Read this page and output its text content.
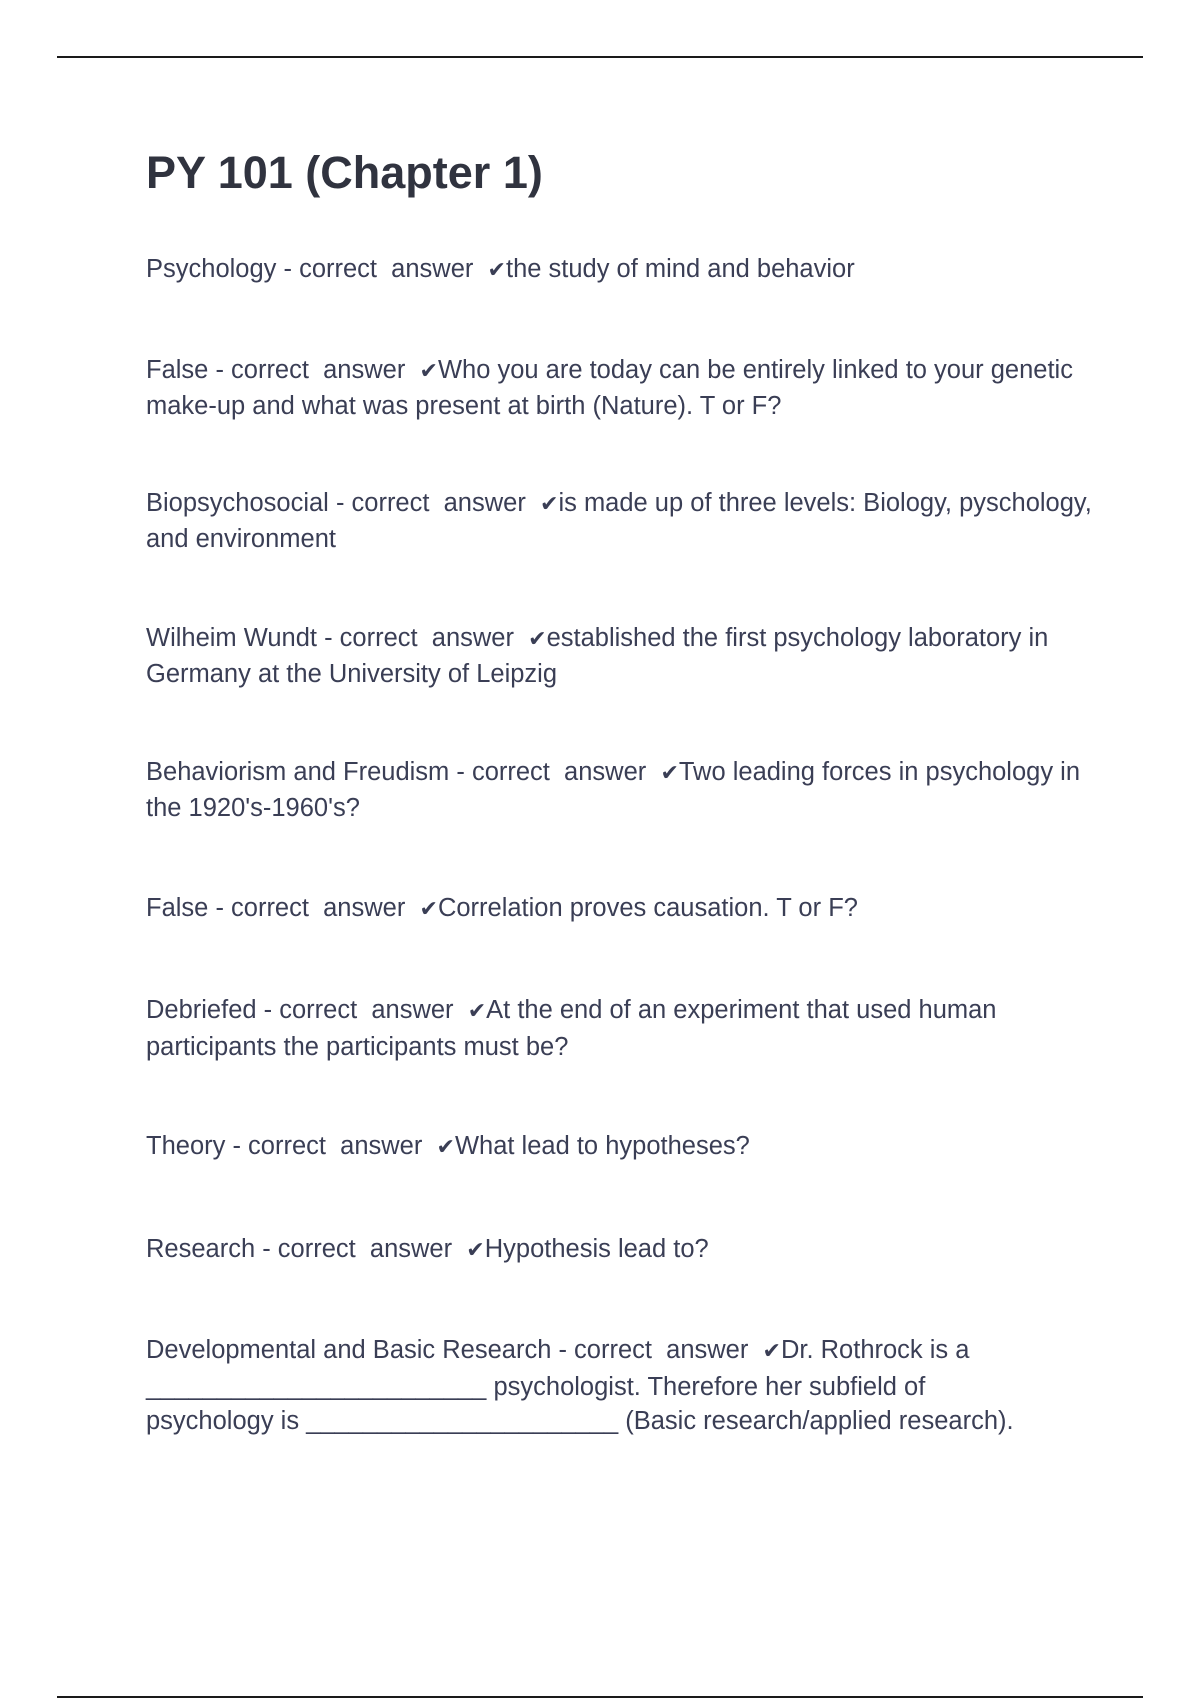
PY 101 (Chapter 1)
Psychology - correct  answer  ✔the study of mind and behavior
False - correct  answer  ✔Who you are today can be entirely linked to your genetic make-up and what was present at birth (Nature). T or F?
Biopsychosocial - correct  answer  ✔is made up of three levels: Biology, pyschology, and environment
Wilheim Wundt - correct  answer  ✔established the first psychology laboratory in Germany at the University of Leipzig
Behaviorism and Freudism - correct  answer  ✔Two leading forces in psychology in the 1920's-1960's?
False - correct  answer  ✔Correlation proves causation. T or F?
Debriefed - correct  answer  ✔At the end of an experiment that used human participants the participants must be?
Theory - correct  answer  ✔What lead to hypotheses?
Research - correct  answer  ✔Hypothesis lead to?
Developmental and Basic Research - correct  answer  ✔Dr. Rothrock is a ________________________ psychologist. Therefore her subfield of psychology is ______________________ (Basic research/applied research).
